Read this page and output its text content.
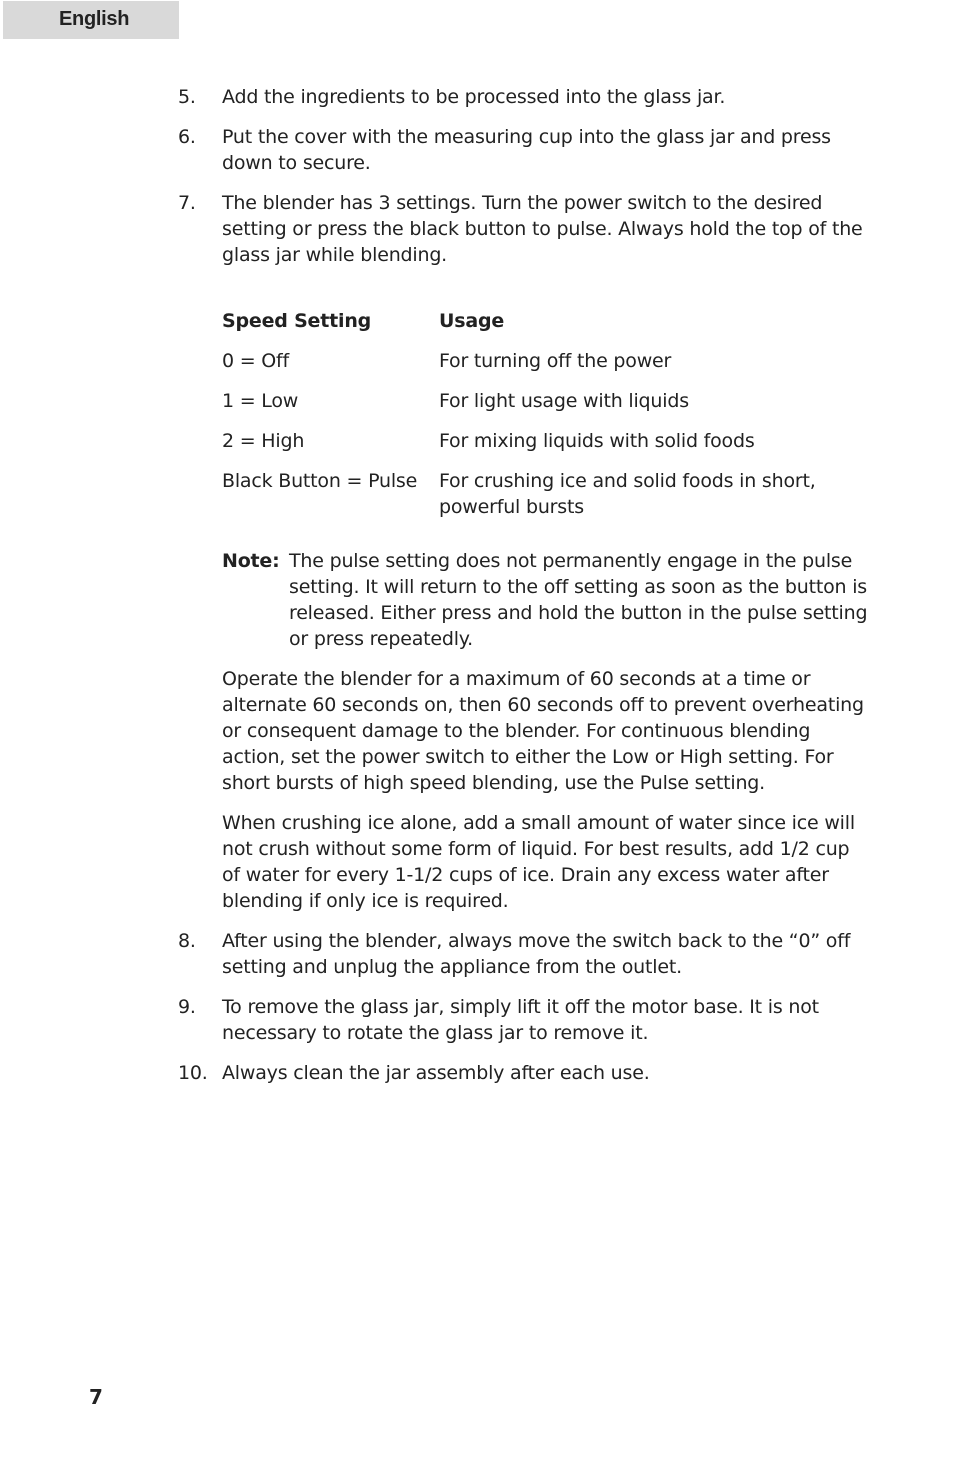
English
5. Add the ingredients to be processed into the glass jar.
6. Put the cover with the measuring cup into the glass jar and press down to secure.
7. The blender has 3 settings. Turn the power switch to the desired setting or press the black button to pulse. Always hold the top of the glass jar while blending.
Speed Setting	Usage
0 = Off	For turning off the power
1 = Low	For light usage with liquids
2 = High	For mixing liquids with solid foods
Black Button = Pulse	For crushing ice and solid foods in short, powerful bursts
Note: The pulse setting does not permanently engage in the pulse setting. It will return to the off setting as soon as the button is released. Either press and hold the button in the pulse setting or press repeatedly.
Operate the blender for a maximum of 60 seconds at a time or alternate 60 seconds on, then 60 seconds off to prevent overheating or consequent damage to the blender. For continuous blending action, set the power switch to either the Low or High setting. For short bursts of high speed blending, use the Pulse setting.
When crushing ice alone, add a small amount of water since ice will not crush without some form of liquid. For best results, add 1/2 cup of water for every 1-1/2 cups of ice. Drain any excess water after blending if only ice is required.
8. After using the blender, always move the switch back to the “0” off setting and unplug the appliance from the outlet.
9. To remove the glass jar, simply lift it off the motor base. It is not necessary to rotate the glass jar to remove it.
10. Always clean the jar assembly after each use.
7
